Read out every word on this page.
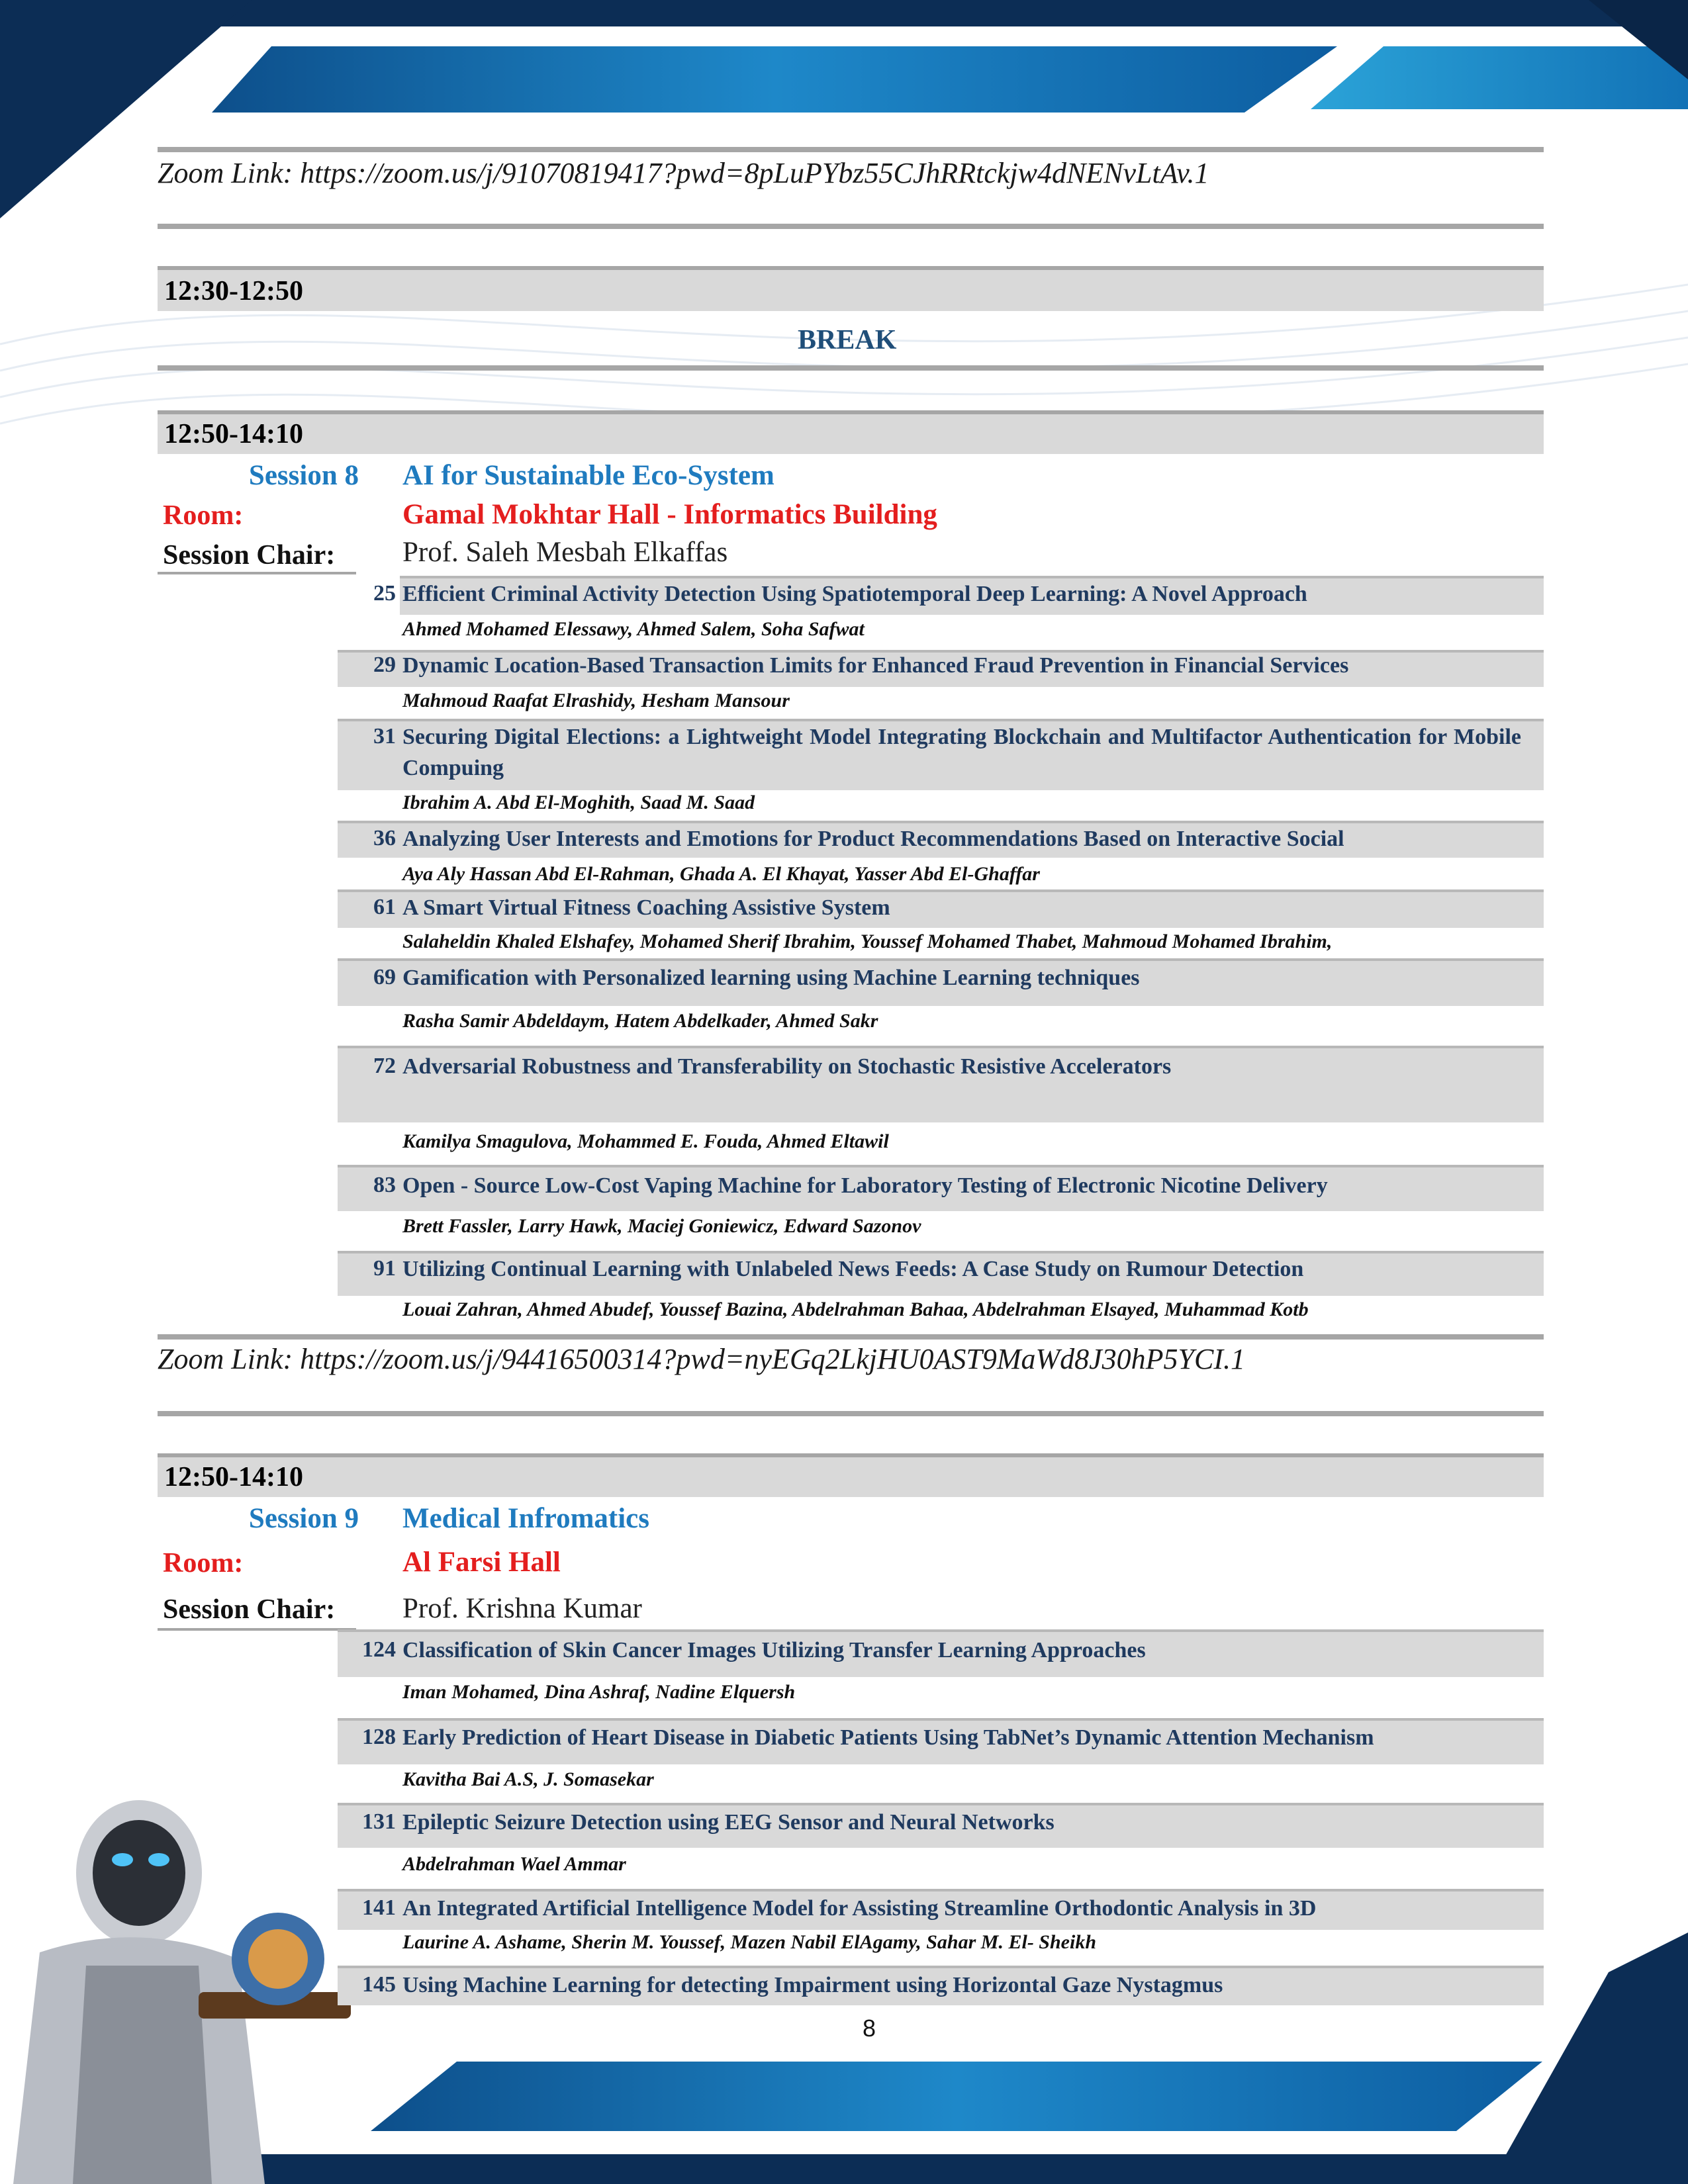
Zoom Link: https://zoom.us/j/91070819417?pwd=8pLuPYbz55CJhRRtckjw4dNENvLtAv.1
12:30-12:50
BREAK
12:50-14:10
Session 8 AI for Sustainable Eco-System
Room:	Gamal Mokhtar Hall - Informatics Building
Session Chair: Prof. Saleh Mesbah Elkaffas
25 Efficient Criminal Activity Detection Using Spatiotemporal Deep Learning: A Novel Approach
Ahmed Mohamed Elessawy, Ahmed Salem, Soha Safwat
29 Dynamic Location-Based Transaction Limits for Enhanced Fraud Prevention in Financial Services
Mahmoud Raafat Elrashidy, Hesham Mansour
31 Securing Digital Elections: a Lightweight Model Integrating Blockchain and Multifactor Authentication for Mobile Compuing
Ibrahim A. Abd El-Moghith, Saad M. Saad
36 Analyzing User Interests and Emotions for Product Recommendations Based on Interactive Social
Aya Aly Hassan Abd El-Rahman, Ghada A. El Khayat, Yasser Abd El-Ghaffar
61 A Smart Virtual Fitness Coaching Assistive System
Salaheldin Khaled Elshafey, Mohamed Sherif Ibrahim, Youssef Mohamed Thabet, Mahmoud Mohamed Ibrahim,
69 Gamification with Personalized learning using Machine Learning techniques
Rasha Samir Abdeldaym, Hatem Abdelkader, Ahmed Sakr
72 Adversarial Robustness and Transferability on Stochastic Resistive Accelerators
Kamilya Smagulova, Mohammed E. Fouda, Ahmed Eltawil
83 Open - Source Low-Cost Vaping Machine for Laboratory Testing of Electronic Nicotine Delivery
Brett Fassler, Larry Hawk, Maciej Goniewicz, Edward Sazonov
91 Utilizing Continual Learning with Unlabeled News Feeds: A Case Study on Rumour Detection
Louai Zahran, Ahmed Abudef, Youssef Bazina, Abdelrahman Bahaa, Abdelrahman Elsayed, Muhammad Kotb
Zoom Link: https://zoom.us/j/94416500314?pwd=nyEGq2LkjHU0AST9MaWd8J30hP5YCI.1
12:50-14:10
Session 9 Medical Infromatics
Room:	Al Farsi Hall
Session Chair: Prof. Krishna Kumar
124 Classification of Skin Cancer Images Utilizing Transfer Learning Approaches
Iman Mohamed, Dina Ashraf, Nadine Elquersh
128 Early Prediction of Heart Disease in Diabetic Patients Using TabNet’s Dynamic Attention Mechanism
Kavitha Bai A.S, J. Somasekar
131 Epileptic Seizure Detection using EEG Sensor and Neural Networks
Abdelrahman Wael Ammar
141 An Integrated Artificial Intelligence Model for Assisting Streamline Orthodontic Analysis in 3D
Laurine A. Ashame, Sherin M. Youssef, Mazen Nabil ElAgamy, Sahar M. El- Sheikh
145 Using Machine Learning for detecting Impairment using Horizontal Gaze Nystagmus
8
